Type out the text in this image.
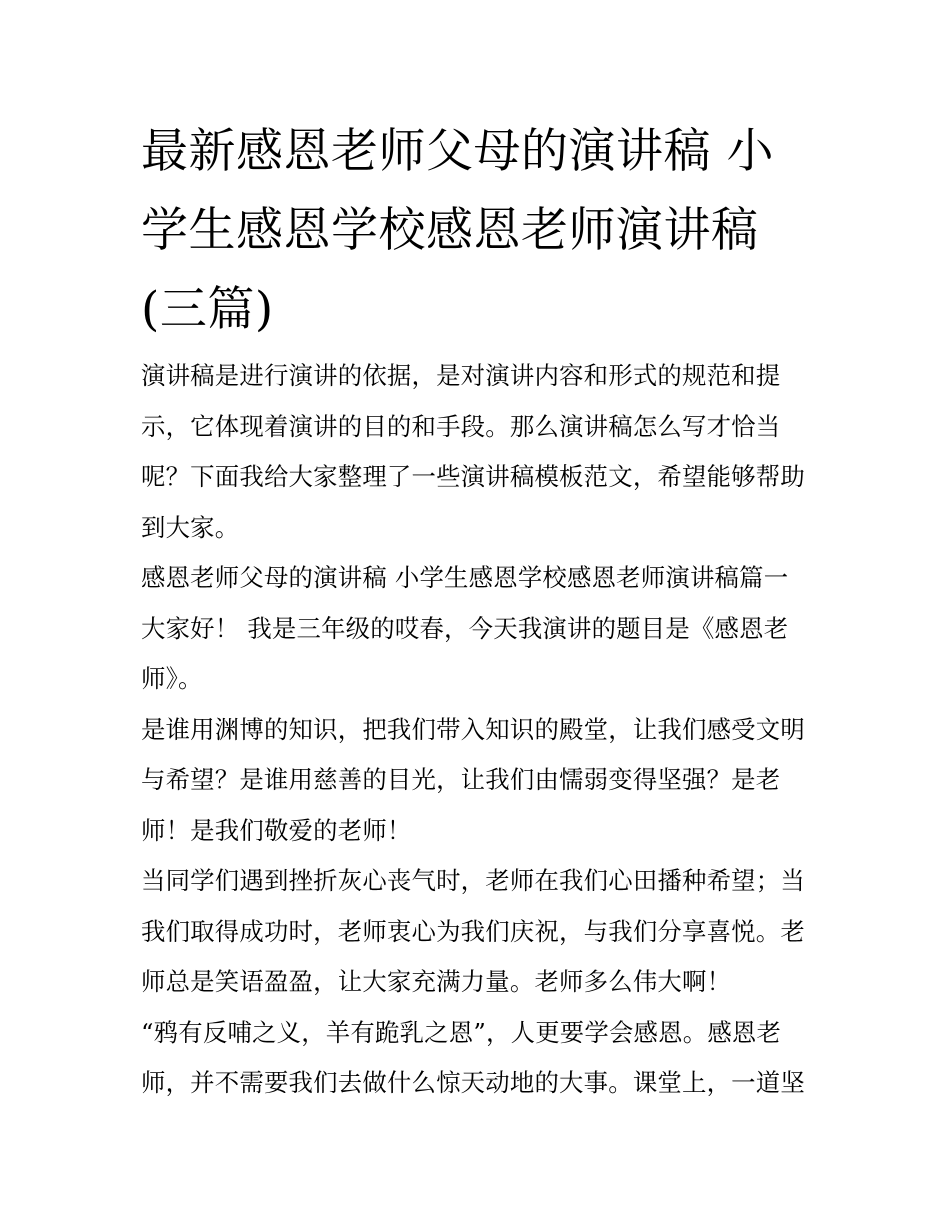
最新感恩老师父母的演讲稿 小学生感恩学校感恩老师演讲稿(三篇)

演讲稿是进行演讲的依据，是对演讲内容和形式的规范和提示，它体现着演讲的目的和手段。那么演讲稿怎么写才恰当呢？下面我给大家整理了一些演讲稿模板范文，希望能够帮助到大家。

感恩老师父母的演讲稿 小学生感恩学校感恩老师演讲稿篇一

大家好！ 我是三年级的哎春，今天我演讲的题目是《感恩老师》。

是谁用渊博的知识，把我们带入知识的殿堂，让我们感受文明与希望？是谁用慈善的目光，让我们由懦弱变得坚强？是老师！是我们敬爱的老师！

当同学们遇到挫折灰心丧气时，老师在我们心田播种希望；当我们取得成功时，老师衷心为我们庆祝，与我们分享喜悦。老师总是笑语盈盈，让大家充满力量。老师多么伟大啊！

“鸦有反哺之义，羊有跪乳之恩”，人更要学会感恩。感恩老师，并不需要我们去做什么惊天动地的大事。课堂上，一道坚
